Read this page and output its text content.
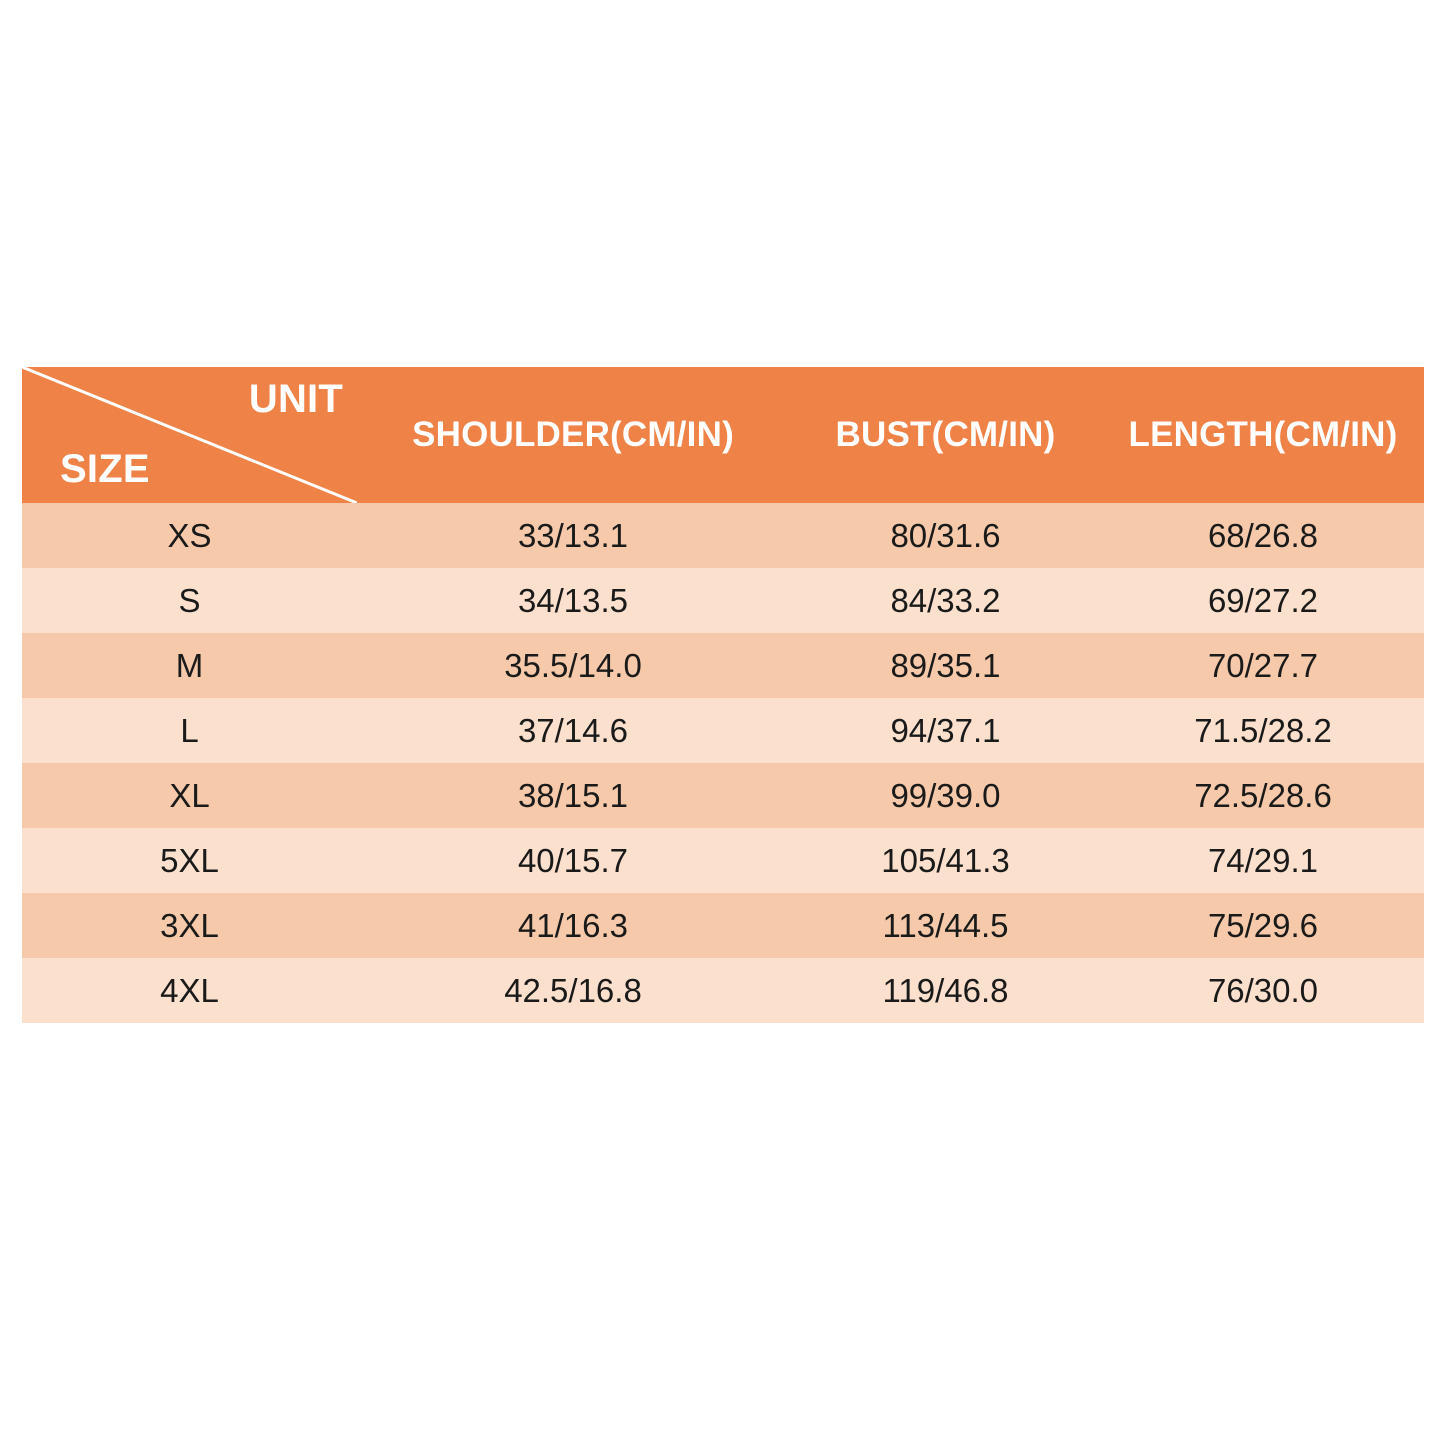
UNIT
SIZE	SHOULDER(CM/IN)	BUST(CM/IN)	LENGTH(CM/IN)
XS	33/13.1	80/31.6	68/26.8
S	34/13.5	84/33.2	69/27.2
M	35.5/14.0	89/35.1	70/27.7
L	37/14.6	94/37.1	71.5/28.2
XL	38/15.1	99/39.0	72.5/28.6
5XL	40/15.7	105/41.3	74/29.1
3XL	41/16.3	113/44.5	75/29.6
4XL	42.5/16.8	119/46.8	76/30.0
